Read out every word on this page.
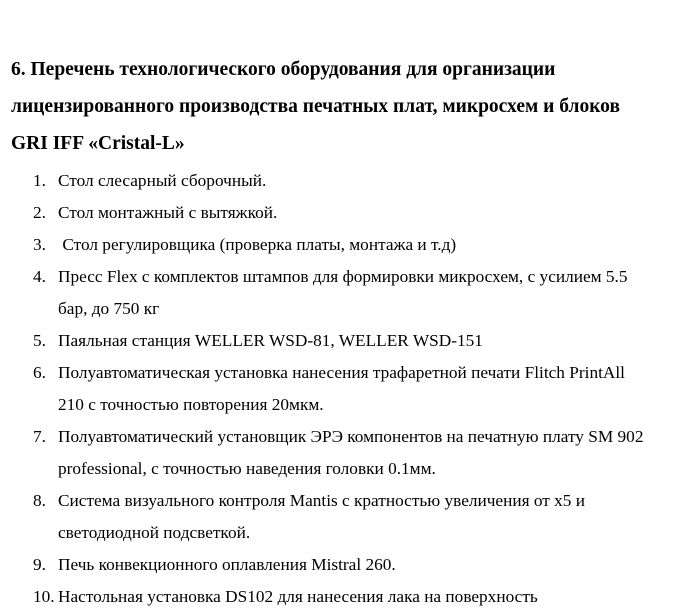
6. Перечень технологического оборудования для организации лицензированного производства печатных плат, микросхем и блоков GRI IFF «Cristal-L»
1. Стол слесарный сборочный.
2. Стол монтажный с вытяжкой.
3. Стол регулировщика (проверка платы, монтажа и т.д)
4. Пресс Flex с комплектов штампов для формировки микросхем, с усилием 5.5 бар, до 750 кг
5. Паяльная станция WELLER WSD-81, WELLER WSD-151
6. Полуавтоматическая установка нанесения трафаретной печати Flitch PrintAll 210 с точностью повторения 20мкм.
7. Полуавтоматический установщик ЭРЭ компонентов на печатную плату SM 902 professional, с точностью наведения головки 0.1мм.
8. Система визуального контроля Mantis с кратностью увеличения от х5 и светодиодной подсветкой.
9. Печь конвекционного оплавления Mistral 260.
10. Настольная установка DS102 для нанесения лака на поверхность
